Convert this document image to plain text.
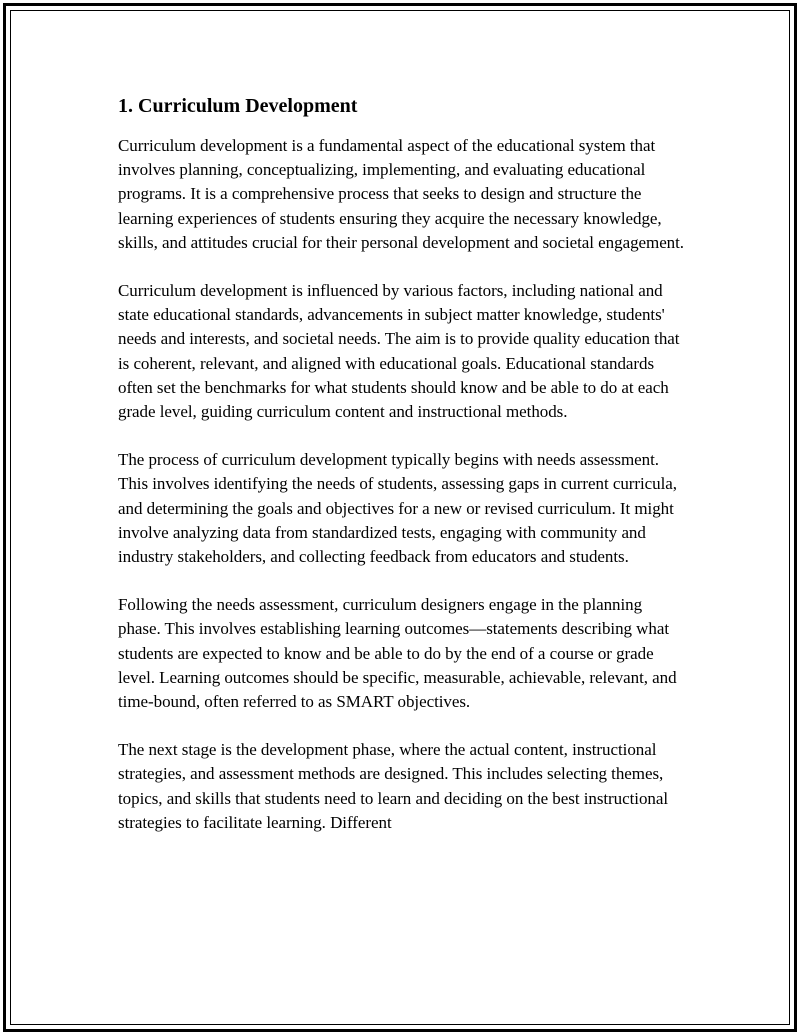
1. Curriculum Development

Curriculum development is a fundamental aspect of the educational system that involves planning, conceptualizing, implementing, and evaluating educational programs. It is a comprehensive process that seeks to design and structure the learning experiences of students ensuring they acquire the necessary knowledge, skills, and attitudes crucial for their personal development and societal engagement.

Curriculum development is influenced by various factors, including national and state educational standards, advancements in subject matter knowledge, students' needs and interests, and societal needs. The aim is to provide quality education that is coherent, relevant, and aligned with educational goals. Educational standards often set the benchmarks for what students should know and be able to do at each grade level, guiding curriculum content and instructional methods.

The process of curriculum development typically begins with needs assessment. This involves identifying the needs of students, assessing gaps in current curricula, and determining the goals and objectives for a new or revised curriculum. It might involve analyzing data from standardized tests, engaging with community and industry stakeholders, and collecting feedback from educators and students.

Following the needs assessment, curriculum designers engage in the planning phase. This involves establishing learning outcomes—statements describing what students are expected to know and be able to do by the end of a course or grade level. Learning outcomes should be specific, measurable, achievable, relevant, and time-bound, often referred to as SMART objectives.

The next stage is the development phase, where the actual content, instructional strategies, and assessment methods are designed. This includes selecting themes, topics, and skills that students need to learn and deciding on the best instructional strategies to facilitate learning. Different
